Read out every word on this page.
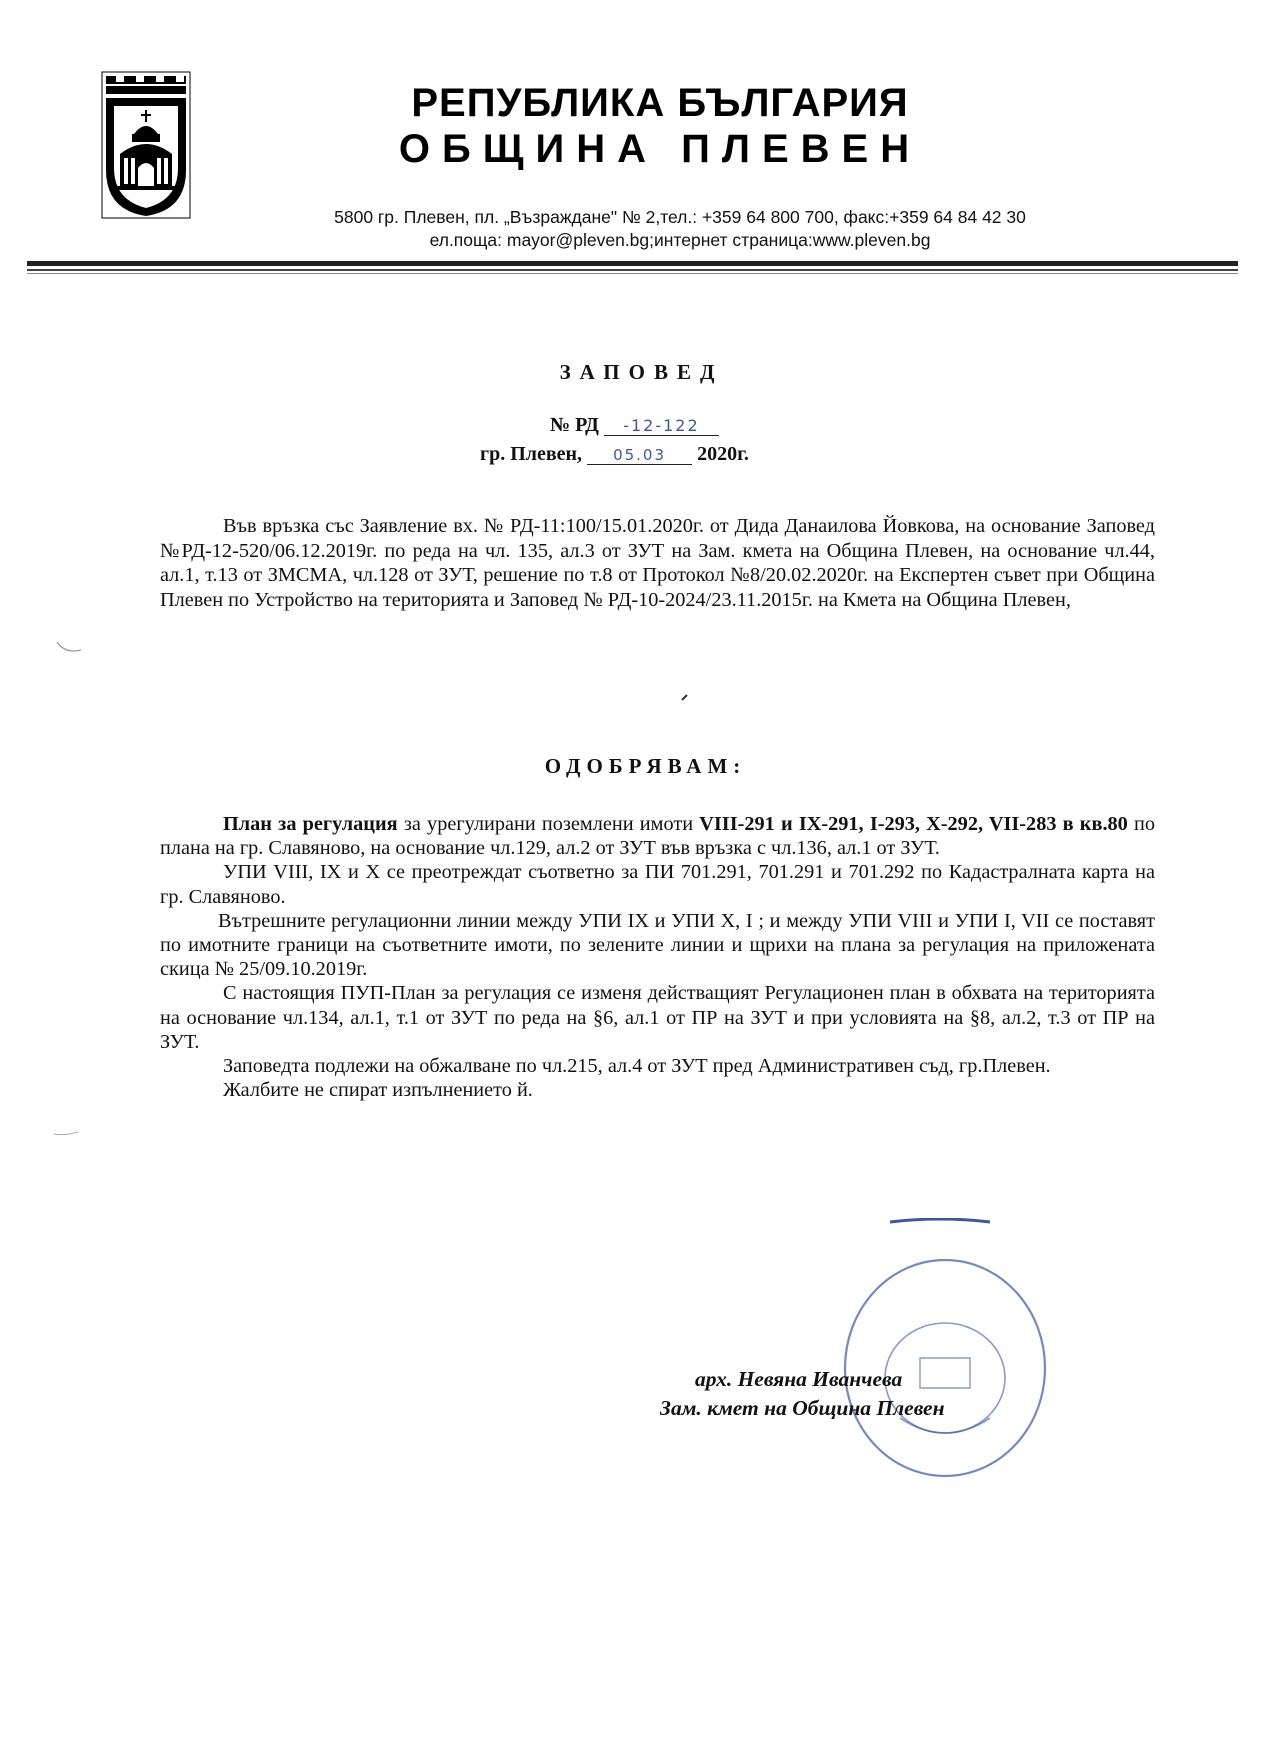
РЕПУБЛИКА БЪЛГАРИЯ
ОБЩИНА ПЛЕВЕН
5800 гр. Плевен, пл. „Възраждане" № 2,тел.: +359 64 800 700, факс:+359 64 84 42 30
ел.поща: mayor@pleven.bg;интернет страница:www.pleven.bg
ЗАПОВЕД
№ РД -12-122
гр. Плевен, 05.03 2020г.

Във връзка със Заявление вх. № РД-11:100/15.01.2020г. от Дида Данаилова Йовкова, на основание Заповед №РД-12-520/06.12.2019г. по реда на чл. 135, ал.3 от ЗУТ на Зам. кмета на Община Плевен, на основание чл.44, ал.1, т.13 от ЗМСМА, чл.128 от ЗУТ, решение по т.8 от Протокол №8/20.02.2020г. на Експертен съвет при Община Плевен по Устройство на територията и Заповед № РД-10-2024/23.11.2015г. на Кмета на Община Плевен,

ОДОБРЯВАМ:

План за регулация за урегулирани поземлени имоти VIII-291 и IX-291, I-293, X-292, VII-283 в кв.80 по плана на гр. Славяново, на основание чл.129, ал.2 от ЗУТ във връзка с чл.136, ал.1 от ЗУТ.

УПИ VIII, IX и X се преотреждат съответно за ПИ 701.291, 701.291 и 701.292 по Кадастралната карта на гр. Славяново.

Вътрешните регулационни линии между УПИ IX и УПИ X, I ; и между УПИ VIII и УПИ I, VII се поставят по имотните граници на съответните имоти, по зелените линии и щрихи на плана за регулация на приложената скица № 25/09.10.2019г.

С настоящия ПУП-План за регулация се изменя действащият Регулационен план в обхвата на територията на основание чл.134, ал.1, т.1 от ЗУТ по реда на §6, ал.1 от ПР на ЗУТ и при условията на §8, ал.2, т.3 от ПР на ЗУТ.

Заповедта подлежи на обжалване по чл.215, ал.4 от ЗУТ пред Административен съд, гр.Плевен.

Жалбите не спират изпълнението й.

арх. Невяна Иванчева
Зам. кмет на Община Плевен
